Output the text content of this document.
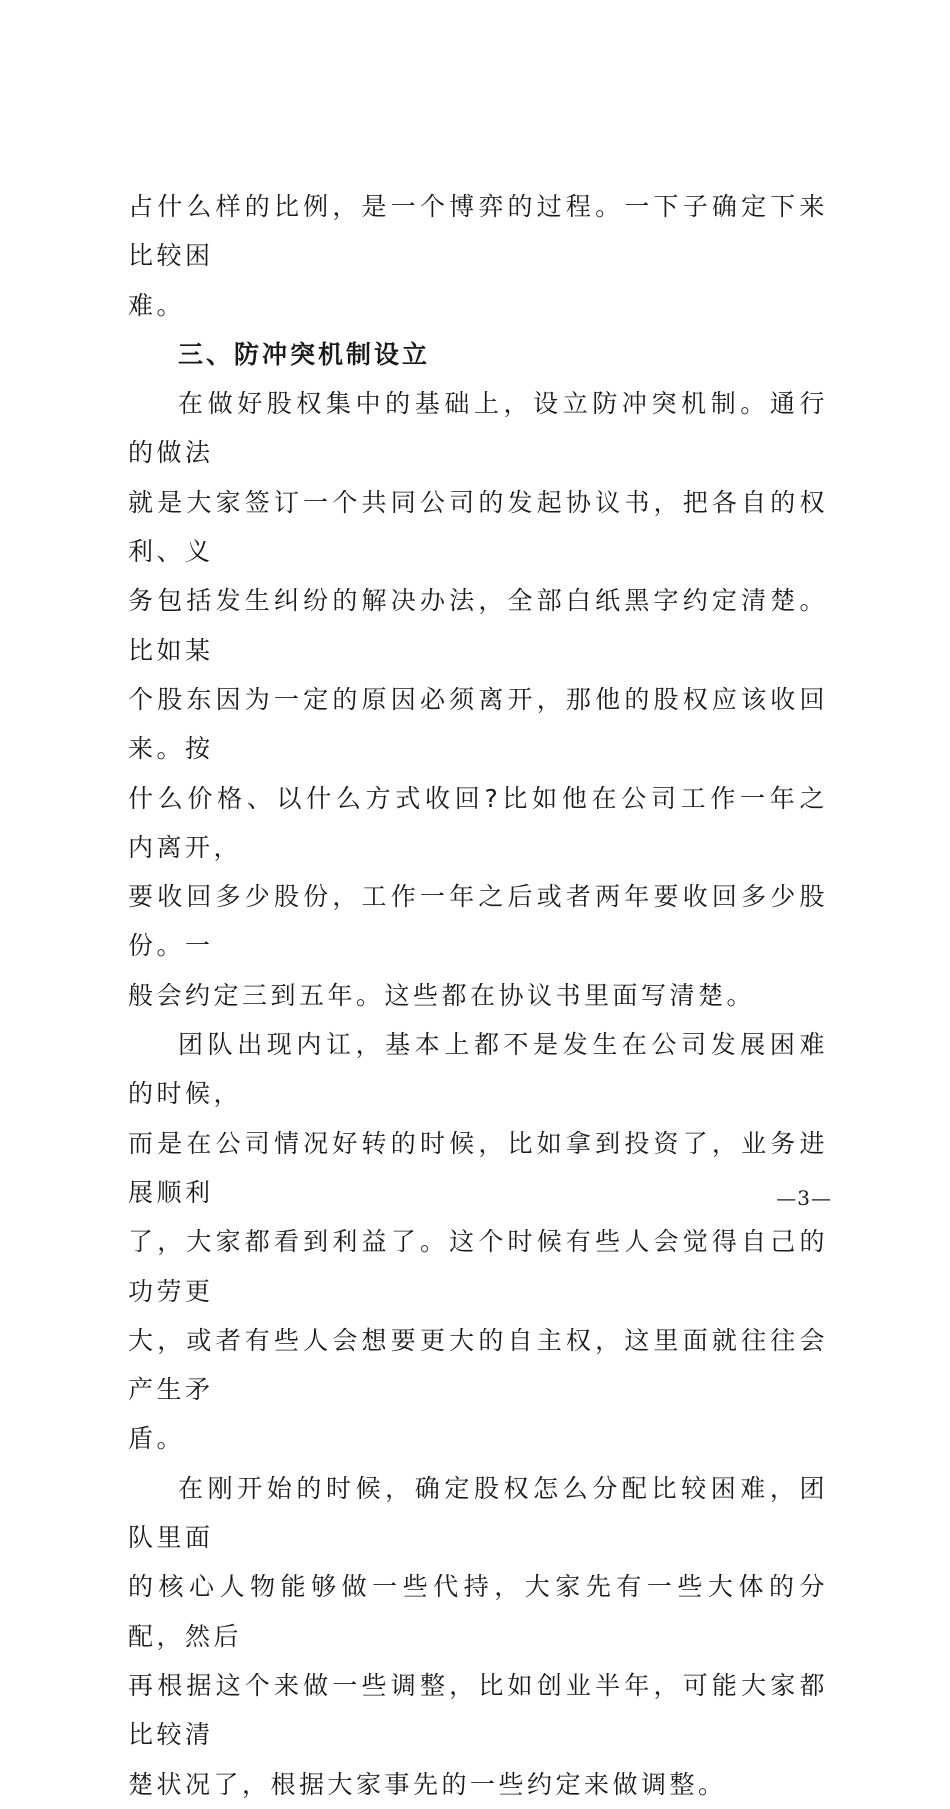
占什么样的比例，是一个博弈的过程。一下子确定下来比较困
难。

三、防冲突机制设立

在做好股权集中的基础上，设立防冲突机制。通行的做法
就是大家签订一个共同公司的发起协议书，把各自的权利、义
务包括发生纠纷的解决办法，全部白纸黑字约定清楚。比如某
个股东因为一定的原因必须离开，那他的股权应该收回来。按
什么价格、以什么方式收回?比如他在公司工作一年之内离开，
要收回多少股份，工作一年之后或者两年要收回多少股份。一
般会约定三到五年。这些都在协议书里面写清楚。

团队出现内讧，基本上都不是发生在公司发展困难的时候，
而是在公司情况好转的时候，比如拿到投资了，业务进展顺利
了，大家都看到利益了。这个时候有些人会觉得自己的功劳更
大，或者有些人会想要更大的自主权，这里面就往往会产生矛
盾。

在刚开始的时候，确定股权怎么分配比较困难，团队里面
的核心人物能够做一些代持，大家先有一些大体的分配，然后
再根据这个来做一些调整，比如创业半年，可能大家都比较清
楚状况了，根据大家事先的一些约定来做调整。

—3—
